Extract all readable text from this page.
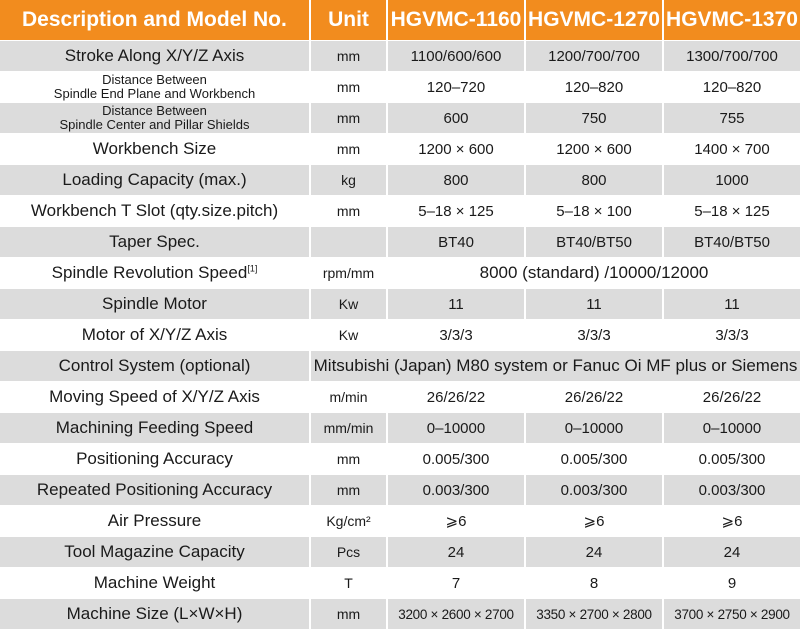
Description and Model No.	Unit	HGVMC-1160	HGVMC-1270	HGVMC-1370
Stroke Along X/Y/Z Axis	mm	1100/600/600	1200/700/700	1300/700/700

Distance Between
Spindle End Plane and Workbench	mm	120–720	120–820	120–820

Distance Between
Spindle Center and Pillar Shields	mm	600	750	755
Workbench Size	mm	1200 × 600	1200 × 600	1400 × 700
Loading Capacity (max.)	kg	800	800	1000
Workbench T Slot (qty.size.pitch)	mm	5–18 × 125	5–18 × 100	5–18 × 125
Taper Spec.		BT40	BT40/BT50	BT40/BT50
Spindle Revolution Speed[1]	rpm/mm	8000 (standard) /10000/12000		
Spindle Motor	Kw	11	11	11
Motor of X/Y/Z Axis	Kw	3/3/3	3/3/3	3/3/3
Control System (optional)	Mitsubishi (Japan) M80 system or Fanuc Oi MF plus or Siemens			
Moving Speed of X/Y/Z Axis	m/min	26/26/22	26/26/22	26/26/22
Machining Feeding Speed	mm/min	0–10000	0–10000	0–10000
Positioning Accuracy	mm	0.005/300	0.005/300	0.005/300
Repeated Positioning Accuracy	mm	0.003/300	0.003/300	0.003/300
Air Pressure	Kg/cm²	⩾6	⩾6	⩾6
Tool Magazine Capacity	Pcs	24	24	24
Machine Weight	T	7	8	9
Machine Size (L×W×H)	mm	3200 × 2600 × 2700	3350 × 2700 × 2800	3700 × 2750 × 2900
